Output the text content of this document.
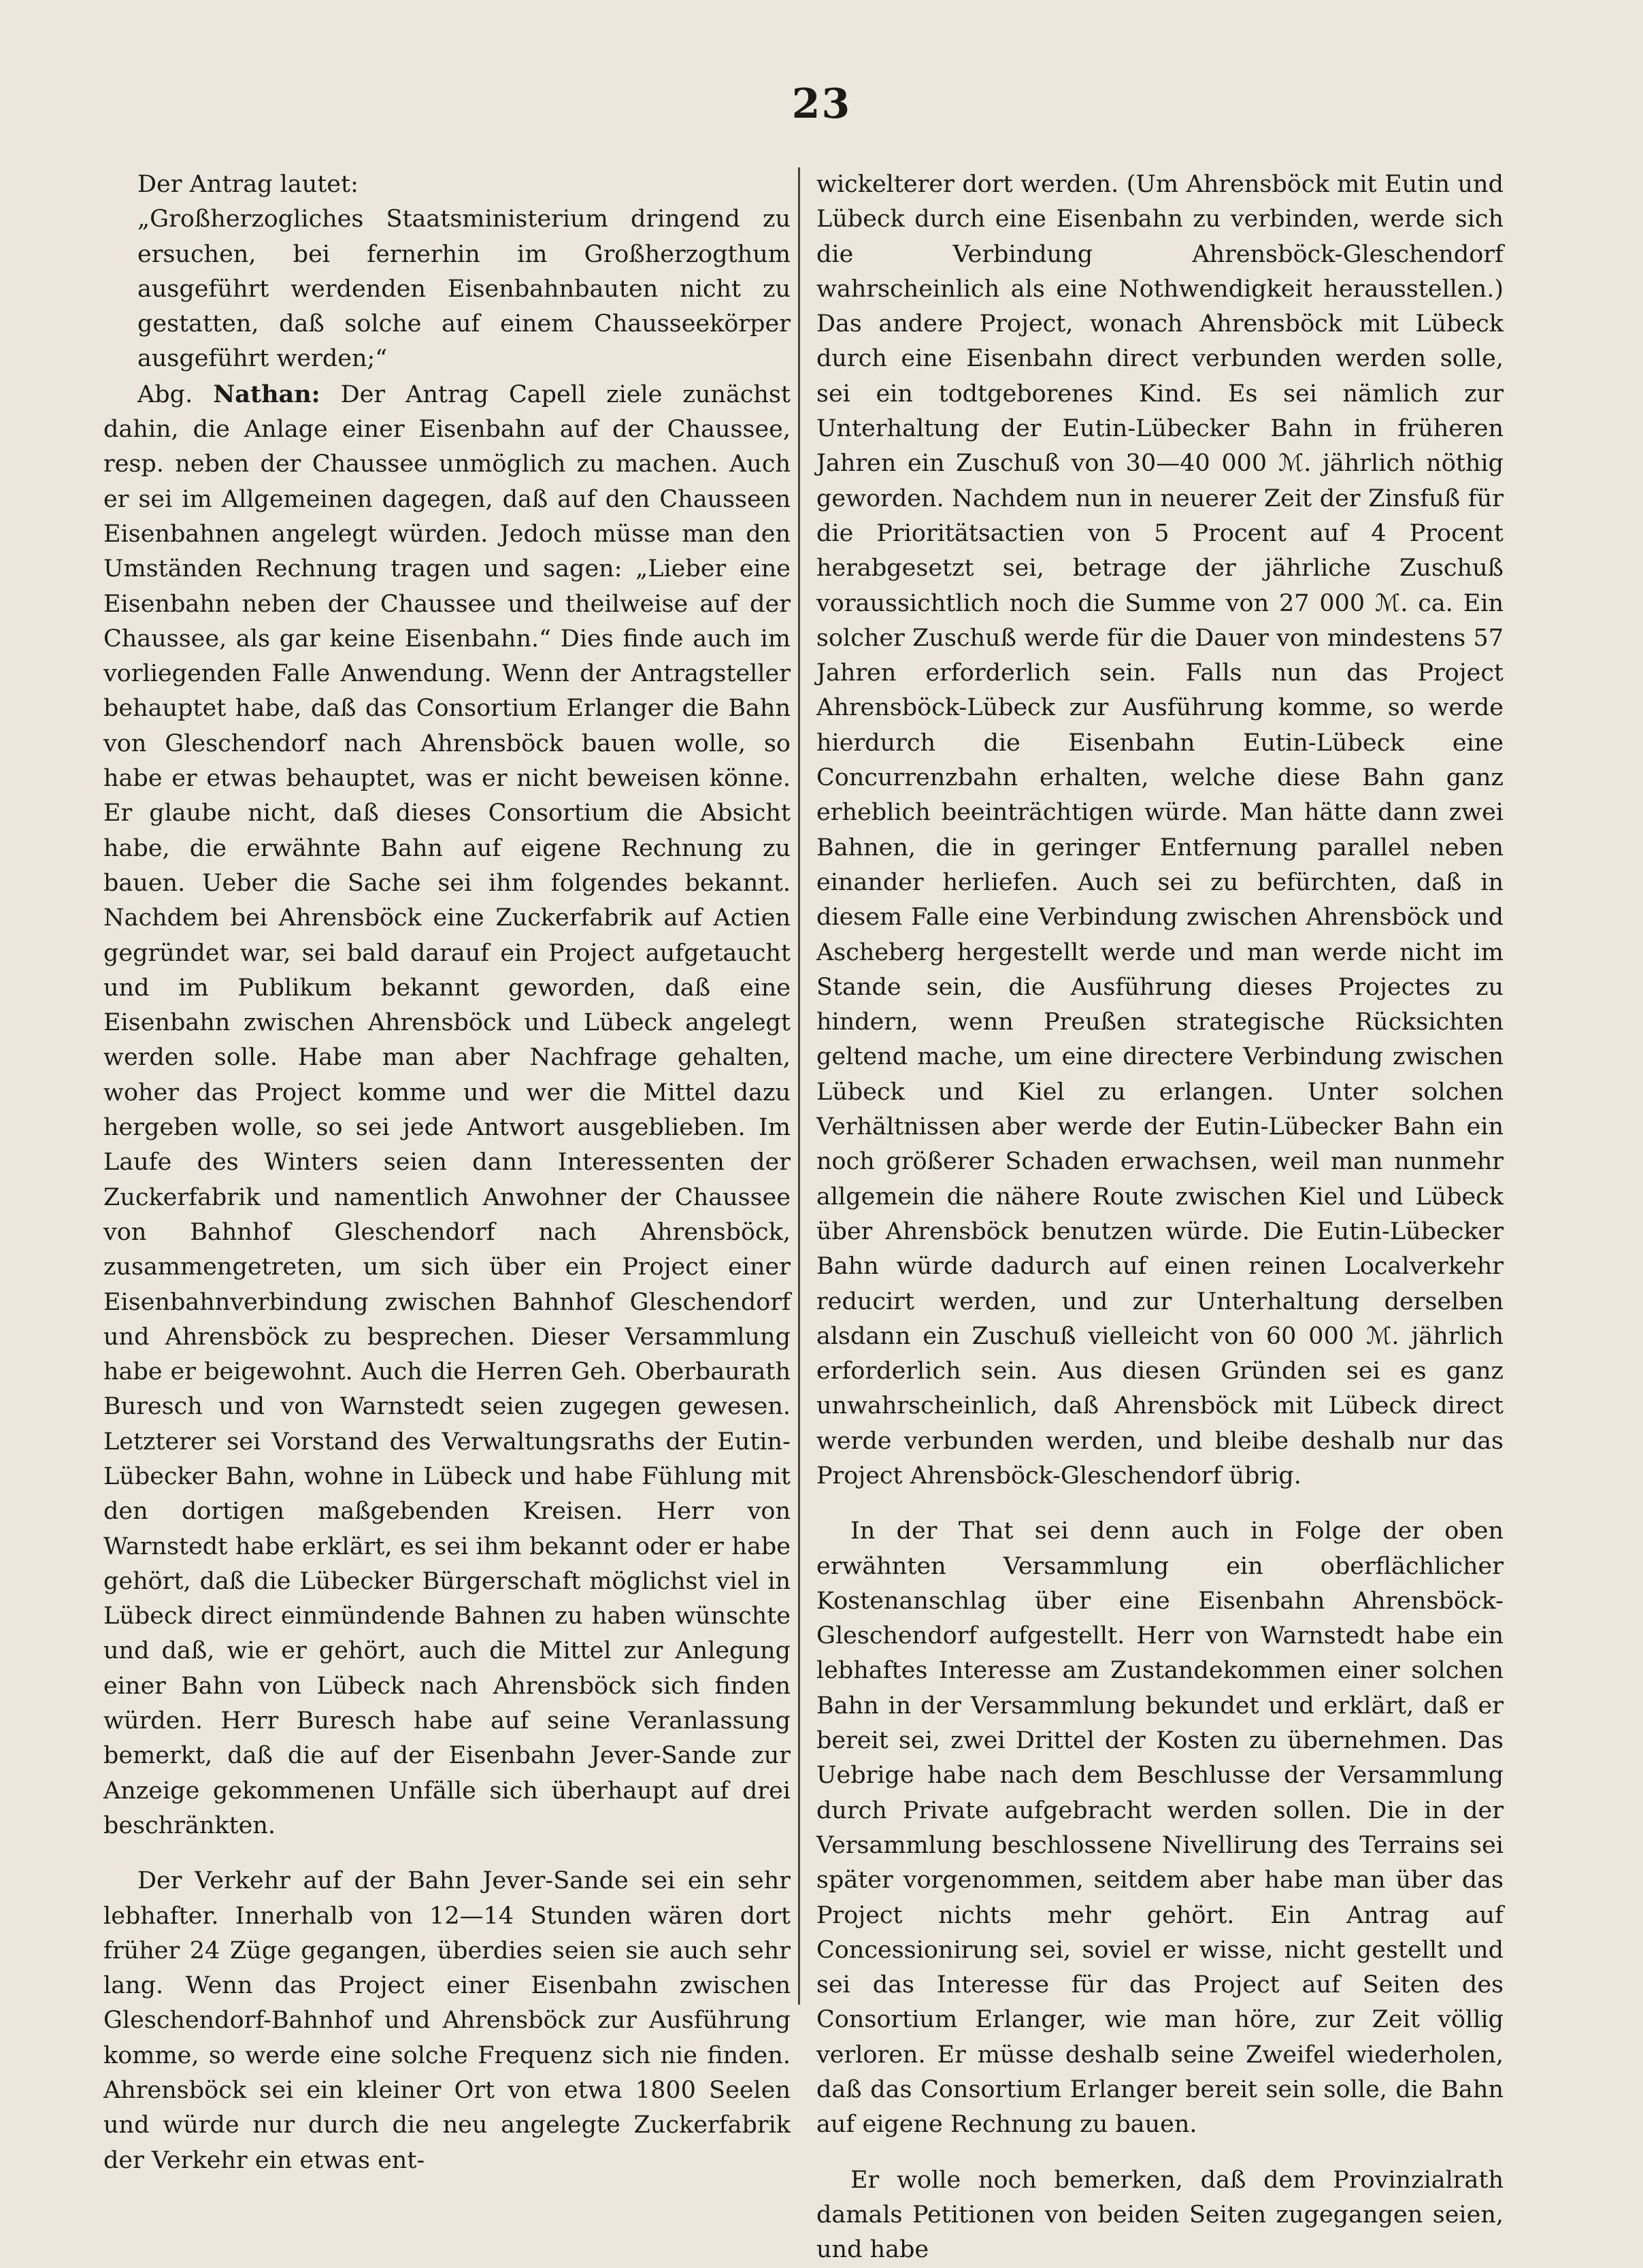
23

Der Antrag lautet:

„Großherzogliches Staatsministerium dringend zu ersuchen, bei fernerhin im Großherzogthum ausgeführt werdenden Eisenbahnbauten nicht zu gestatten, daß solche auf einem Chausseekörper ausgeführt werden;“

Abg. Nathan: Der Antrag Capell ziele zunächst dahin, die Anlage einer Eisenbahn auf der Chaussee, resp. neben der Chaussee unmöglich zu machen. Auch er sei im Allgemeinen dagegen, daß auf den Chausseen Eisenbahnen angelegt würden. Jedoch müsse man den Umständen Rechnung tragen und sagen: „Lieber eine Eisenbahn neben der Chaussee und theilweise auf der Chaussee, als gar keine Eisenbahn.“ Dies finde auch im vorliegenden Falle Anwendung. Wenn der Antragsteller behauptet habe, daß das Consortium Erlanger die Bahn von Gleschendorf nach Ahrensböck bauen wolle, so habe er etwas behauptet, was er nicht beweisen könne. Er glaube nicht, daß dieses Consortium die Absicht habe, die erwähnte Bahn auf eigene Rechnung zu bauen. Ueber die Sache sei ihm folgendes bekannt. Nachdem bei Ahrensböck eine Zuckerfabrik auf Actien gegründet war, sei bald darauf ein Project aufgetaucht und im Publikum bekannt geworden, daß eine Eisenbahn zwischen Ahrensböck und Lübeck angelegt werden solle. Habe man aber Nachfrage gehalten, woher das Project komme und wer die Mittel dazu hergeben wolle, so sei jede Antwort ausgeblieben. Im Laufe des Winters seien dann Interessenten der Zuckerfabrik und namentlich Anwohner der Chaussee von Bahnhof Gleschendorf nach Ahrensböck, zusammengetreten, um sich über ein Project einer Eisenbahnverbindung zwischen Bahnhof Gleschendorf und Ahrensböck zu besprechen. Dieser Versammlung habe er beigewohnt. Auch die Herren Geh. Oberbaurath Buresch und von Warnstedt seien zugegen gewesen. Letzterer sei Vorstand des Verwaltungsraths der Eutin-Lübecker Bahn, wohne in Lübeck und habe Fühlung mit den dortigen maßgebenden Kreisen. Herr von Warnstedt habe erklärt, es sei ihm bekannt oder er habe gehört, daß die Lübecker Bürgerschaft möglichst viel in Lübeck direct einmündende Bahnen zu haben wünschte und daß, wie er gehört, auch die Mittel zur Anlegung einer Bahn von Lübeck nach Ahrensböck sich finden würden. Herr Buresch habe auf seine Veranlassung bemerkt, daß die auf der Eisenbahn Jever-Sande zur Anzeige gekommenen Unfälle sich überhaupt auf drei beschränkten.

Der Verkehr auf der Bahn Jever-Sande sei ein sehr lebhafter. Innerhalb von 12—14 Stunden wären dort früher 24 Züge gegangen, überdies seien sie auch sehr lang. Wenn das Project einer Eisenbahn zwischen Gleschendorf-Bahnhof und Ahrensböck zur Ausführung komme, so werde eine solche Frequenz sich nie finden. Ahrensböck sei ein kleiner Ort von etwa 1800 Seelen und würde nur durch die neu angelegte Zuckerfabrik der Verkehr ein etwas ent-

wickelterer dort werden. (Um Ahrensböck mit Eutin und Lübeck durch eine Eisenbahn zu verbinden, werde sich die Verbindung Ahrensböck-Gleschendorf wahrscheinlich als eine Nothwendigkeit herausstellen.) Das andere Project, wonach Ahrensböck mit Lübeck durch eine Eisenbahn direct verbunden werden solle, sei ein todtgeborenes Kind. Es sei nämlich zur Unterhaltung der Eutin-Lübecker Bahn in früheren Jahren ein Zuschuß von 30—40 000 ℳ. jährlich nöthig geworden. Nachdem nun in neuerer Zeit der Zinsfuß für die Prioritätsactien von 5 Procent auf 4 Procent herabgesetzt sei, betrage der jährliche Zuschuß voraussichtlich noch die Summe von 27 000 ℳ. ca. Ein solcher Zuschuß werde für die Dauer von mindestens 57 Jahren erforderlich sein. Falls nun das Project Ahrensböck-Lübeck zur Ausführung komme, so werde hierdurch die Eisenbahn Eutin-Lübeck eine Concurrenzbahn erhalten, welche diese Bahn ganz erheblich beeinträchtigen würde. Man hätte dann zwei Bahnen, die in geringer Entfernung parallel neben einander herliefen. Auch sei zu befürchten, daß in diesem Falle eine Verbindung zwischen Ahrensböck und Ascheberg hergestellt werde und man werde nicht im Stande sein, die Ausführung dieses Projectes zu hindern, wenn Preußen strategische Rücksichten geltend mache, um eine directere Verbindung zwischen Lübeck und Kiel zu erlangen. Unter solchen Verhältnissen aber werde der Eutin-Lübecker Bahn ein noch größerer Schaden erwachsen, weil man nunmehr allgemein die nähere Route zwischen Kiel und Lübeck über Ahrensböck benutzen würde. Die Eutin-Lübecker Bahn würde dadurch auf einen reinen Localverkehr reducirt werden, und zur Unterhaltung derselben alsdann ein Zuschuß vielleicht von 60 000 ℳ. jährlich erforderlich sein. Aus diesen Gründen sei es ganz unwahrscheinlich, daß Ahrensböck mit Lübeck direct werde verbunden werden, und bleibe deshalb nur das Project Ahrensböck-Gleschendorf übrig.

In der That sei denn auch in Folge der oben erwähnten Versammlung ein oberflächlicher Kostenanschlag über eine Eisenbahn Ahrensböck-Gleschendorf aufgestellt. Herr von Warnstedt habe ein lebhaftes Interesse am Zustandekommen einer solchen Bahn in der Versammlung bekundet und erklärt, daß er bereit sei, zwei Drittel der Kosten zu übernehmen. Das Uebrige habe nach dem Beschlusse der Versammlung durch Private aufgebracht werden sollen. Die in der Versammlung beschlossene Nivellirung des Terrains sei später vorgenommen, seitdem aber habe man über das Project nichts mehr gehört. Ein Antrag auf Concessionirung sei, soviel er wisse, nicht gestellt und sei das Interesse für das Project auf Seiten des Consortium Erlanger, wie man höre, zur Zeit völlig verloren. Er müsse deshalb seine Zweifel wiederholen, daß das Consortium Erlanger bereit sein solle, die Bahn auf eigene Rechnung zu bauen.

Er wolle noch bemerken, daß dem Provinzialrath damals Petitionen von beiden Seiten zugegangen seien, und habe
